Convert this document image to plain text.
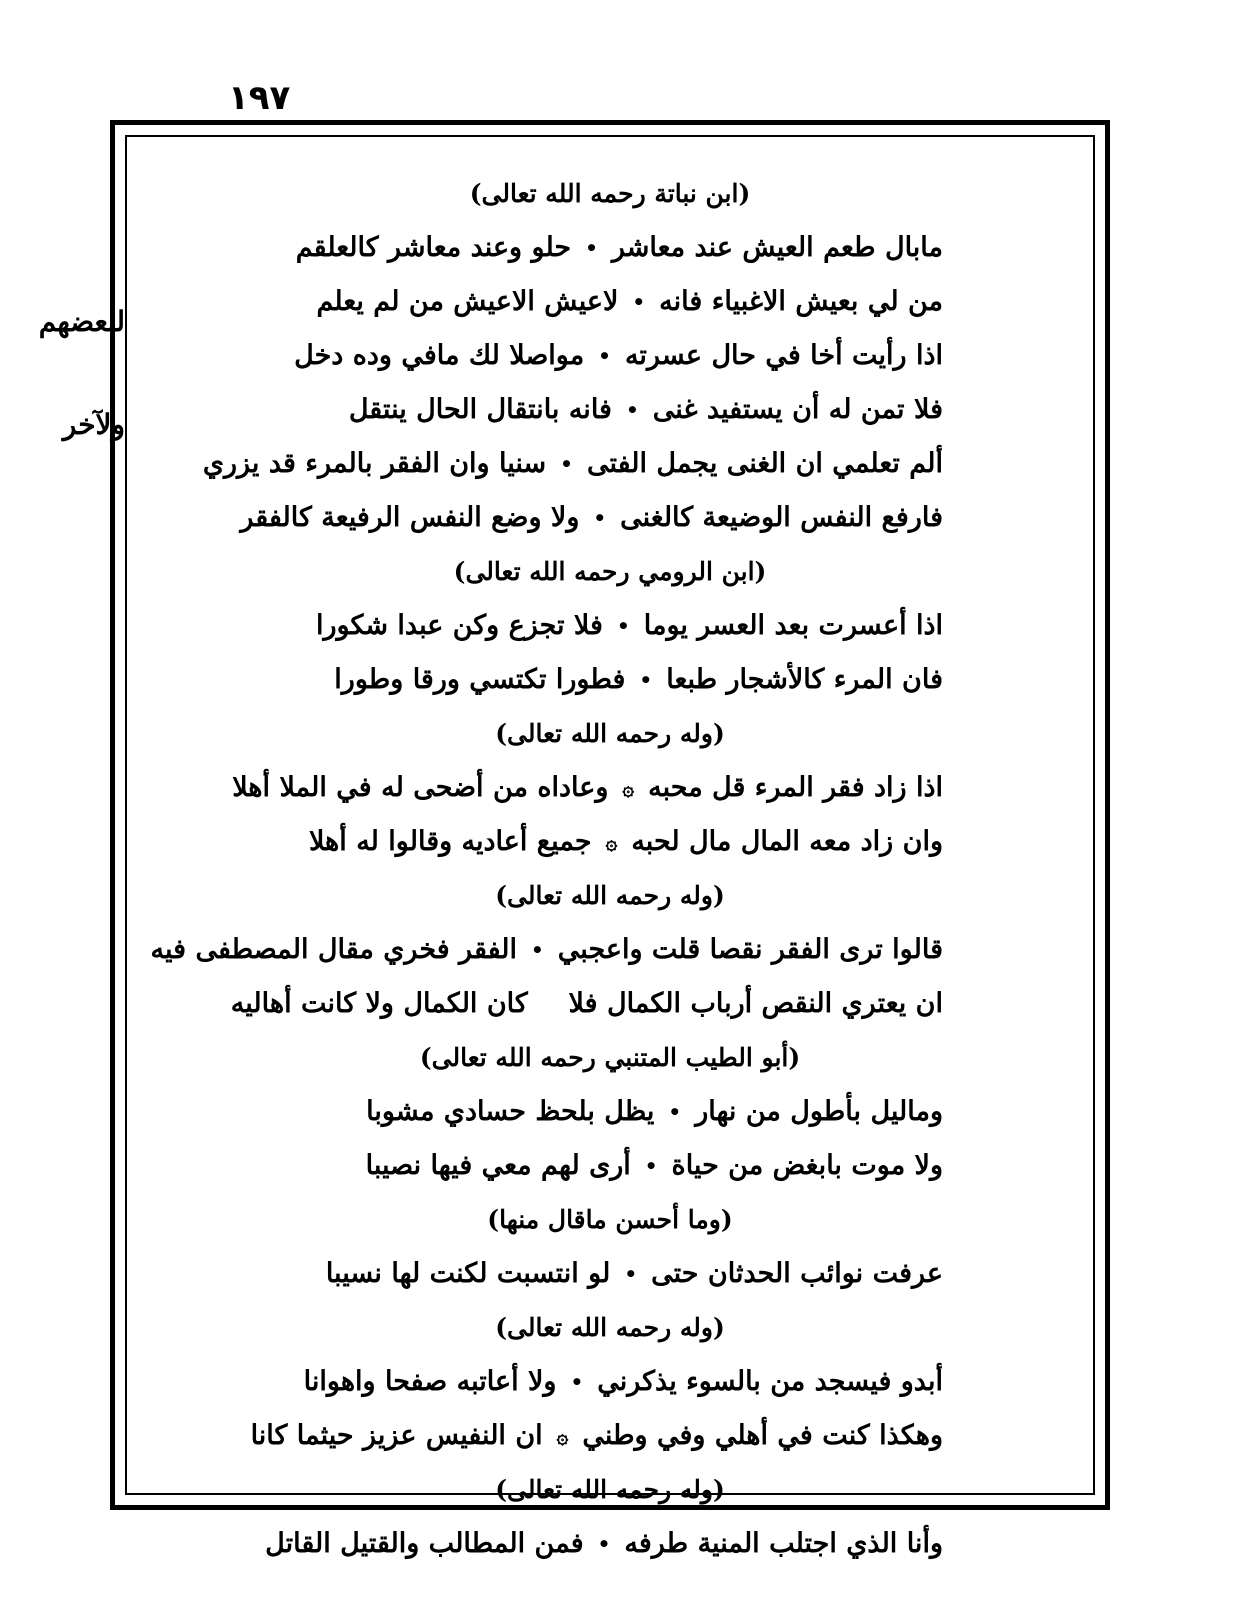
١٩٧
(ابن نباتة رحمه الله تعالى)
مابال طعم العيش عند معاشر
•
حلو وعند معاشر كالعلقم
من لي بعيش الاغبياء فانه
•
لاعيش الاعيش من لم يعلم
اذا رأيت أخا في حال عسرته
•
مواصلا لك مافي وده دخل
فلا تمن له أن يستفيد غنى
•
فانه بانتقال الحال ينتقل
ألم تعلمي ان الغنى يجمل الفتى
•
سنيا وان الفقر بالمرء قد يزري
فارفع النفس الوضيعة كالغنى
•
ولا وضع النفس الرفيعة كالفقر
(ابن الرومي رحمه الله تعالى)
اذا أعسرت بعد العسر يوما
•
فلا تجزع وكن عبدا شكورا
فان المرء كالأشجار طبعا
•
فطورا تكتسي ورقا وطورا
(وله رحمه الله تعالى)
اذا زاد فقر المرء قل محبه
۞
وعاداه من أضحى له في الملا أهلا
وان زاد معه المال مال لحبه
۞
جميع أعاديه وقالوا له أهلا
(وله رحمه الله تعالى)
قالوا ترى الفقر نقصا قلت واعجبي
•
الفقر فخري مقال المصطفى فيه
ان يعتري النقص أرباب الكمال فلا
كان الكمال ولا كانت أهاليه
(أبو الطيب المتنبي رحمه الله تعالى)
وماليل بأطول من نهار
•
يظل بلحظ حسادي مشوبا
ولا موت بابغض من حياة
•
أرى لهم معي فيها نصيبا
(وما أحسن ماقال منها)
عرفت نوائب الحدثان حتى
•
لو انتسبت لكنت لها نسيبا
(وله رحمه الله تعالى)
أبدو فيسجد من بالسوء يذكرني
•
ولا أعاتبه صفحا واهوانا
وهكذا كنت في أهلي وفي وطني
۞
ان النفيس عزيز حيثما كانا
(وله رحمه الله تعالى)
وأنا الذي اجتلب المنية طرفه
•
فمن المطالب والقتيل القاتل
لبعضهم
ولآخر
